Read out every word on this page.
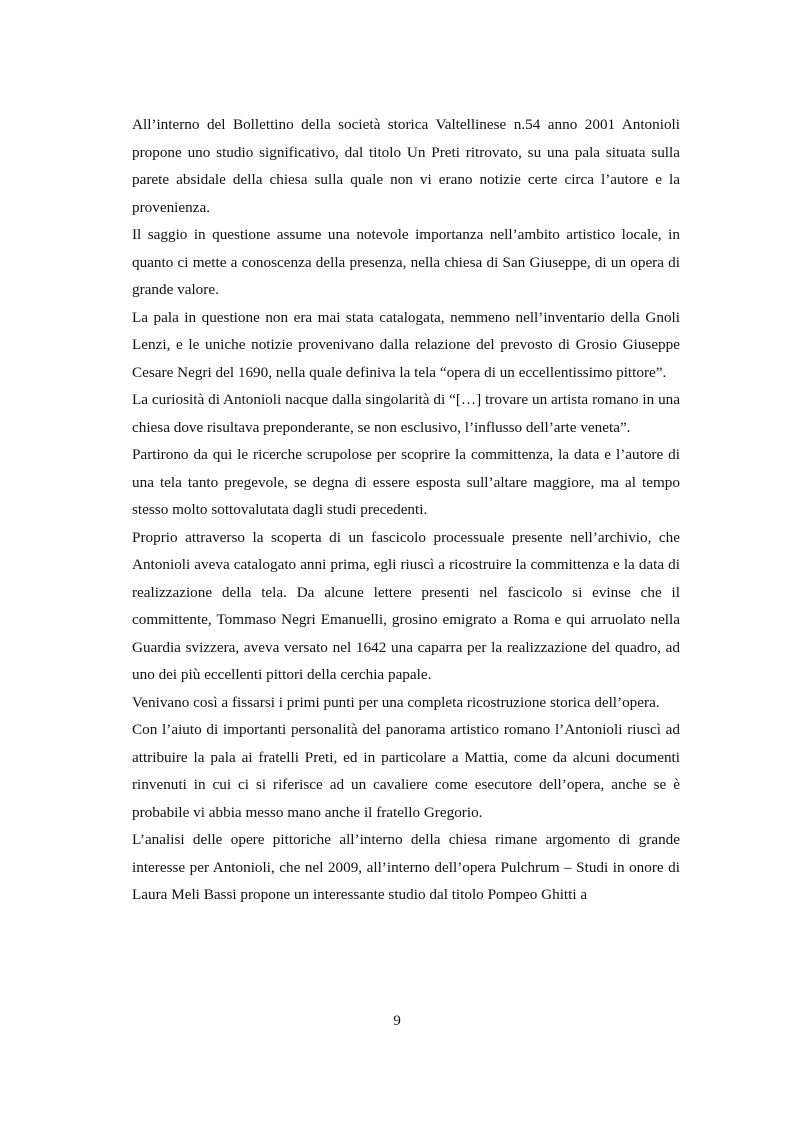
All’interno del Bollettino della società storica Valtellinese n.54 anno 2001 Antonioli propone uno studio significativo, dal titolo Un Preti ritrovato, su una pala situata sulla parete absidale della chiesa sulla quale non vi erano notizie certe circa l’autore e la provenienza.

Il saggio in questione assume una notevole importanza nell’ambito artistico locale, in quanto ci mette a conoscenza della presenza, nella chiesa di San Giuseppe, di un opera di grande valore.

La pala in questione non era mai stata catalogata, nemmeno nell’inventario della Gnoli Lenzi, e le uniche notizie provenivano dalla relazione del prevosto di Grosio Giuseppe Cesare Negri del 1690, nella quale definiva la tela “opera di un eccellentissimo pittore”.

La curiosità di Antonioli nacque dalla singolarità di “[…] trovare un artista romano in una chiesa dove risultava preponderante, se non esclusivo, l’influsso dell’arte veneta”.

Partirono da qui le ricerche scrupolose per scoprire la committenza, la data e l’autore di una tela tanto pregevole, se degna di essere esposta sull’altare maggiore, ma al tempo stesso molto sottovalutata dagli studi precedenti.

Proprio attraverso la scoperta di un fascicolo processuale presente nell’archivio, che Antonioli aveva catalogato anni prima, egli riuscì a ricostruire la committenza e la data di realizzazione della tela. Da alcune lettere presenti nel fascicolo si evinse che il committente, Tommaso Negri Emanuelli, grosino emigrato a Roma e qui arruolato nella Guardia svizzera, aveva versato nel 1642 una caparra per la realizzazione del quadro, ad uno dei più eccellenti pittori della cerchia papale.

Venivano così a fissarsi i primi punti per una completa ricostruzione storica dell’opera.

Con l’aiuto di importanti personalità del panorama artistico romano l’Antonioli riuscì ad attribuire la pala ai fratelli Preti, ed in particolare a Mattia, come da alcuni documenti rinvenuti in cui ci si riferisce ad un cavaliere come esecutore dell’opera, anche se è probabile vi abbia messo mano anche il fratello Gregorio.

L’analisi delle opere pittoriche all’interno della chiesa rimane argomento di grande interesse per Antonioli, che nel 2009, all’interno dell’opera Pulchrum – Studi in onore di Laura Meli Bassi propone un interessante studio dal titolo Pompeo Ghitti a

9
